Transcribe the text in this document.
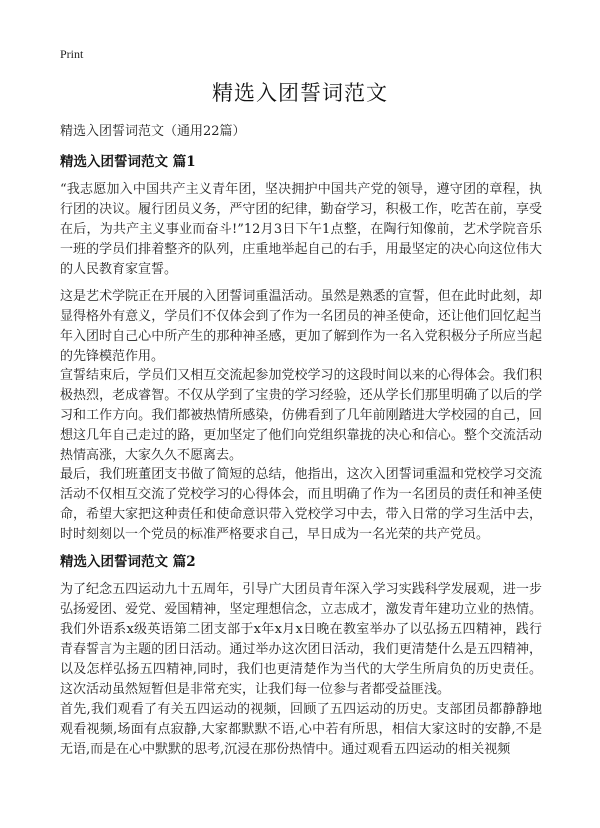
Print
精选入团誓词范文
精选入团誓词范文（通用22篇）
精选入团誓词范文 篇1
“我志愿加入中国共产主义青年团，坚决拥护中国共产党的领导，遵守团的章程，执行团的决议。履行团员义务，严守团的纪律，勤奋学习，积极工作，吃苦在前，享受在后，为共产主义事业而奋斗!”12月3日下午1点整，在陶行知像前，艺术学院音乐一班的学员们排着整齐的队列，庄重地举起自己的右手，用最坚定的决心向这位伟大的人民教育家宣誓。
这是艺术学院正在开展的入团誓词重温活动。虽然是熟悉的宣誓，但在此时此刻，却显得格外有意义，学员们不仅体会到了作为一名团员的神圣使命，还让他们回忆起当年入团时自己心中所产生的那种神圣感，更加了解到作为一名入党积极分子所应当起的先锋模范作用。
宣誓结束后，学员们又相互交流起参加党校学习的这段时间以来的心得体会。我们积极热烈，老成睿智。不仅从学到了宝贵的学习经验，还从学长们那里明确了以后的学习和工作方向。我们都被热情所感染，仿佛看到了几年前刚踏进大学校园的自己，回想这几年自己走过的路，更加坚定了他们向党组织靠拢的决心和信心。整个交流活动热情高涨，大家久久不愿离去。
最后，我们班董团支书做了简短的总结，他指出，这次入团誓词重温和党校学习交流活动不仅相互交流了党校学习的心得体会，而且明确了作为一名团员的责任和神圣使命，希望大家把这种责任和使命意识带入党校学习中去，带入日常的学习生活中去，时时刻刻以一个党员的标准严格要求自己，早日成为一名光荣的共产党员。
精选入团誓词范文 篇2
为了纪念五四运动九十五周年，引导广大团员青年深入学习实践科学发展观，进一步弘扬爱团、爱党、爱国精神，坚定理想信念，立志成才，激发青年建功立业的热情。我们外语系x级英语第二团支部于x年x月x日晚在教室举办了以弘扬五四精神，践行青春誓言为主题的团日活动。通过举办这次团日活动，我们更清楚什么是五四精神，以及怎样弘扬五四精神,同时，我们也更清楚作为当代的大学生所肩负的历史责任。这次活动虽然短暂但是非常充实，让我们每一位参与者都受益匪浅。
首先,我们观看了有关五四运动的视频，回顾了五四运动的历史。支部团员都静静地观看视频,场面有点寂静,大家都默默不语,心中若有所思，相信大家这时的安静,不是无语,而是在心中默默的思考,沉浸在那份热情中。通过观看五四运动的相关视频
